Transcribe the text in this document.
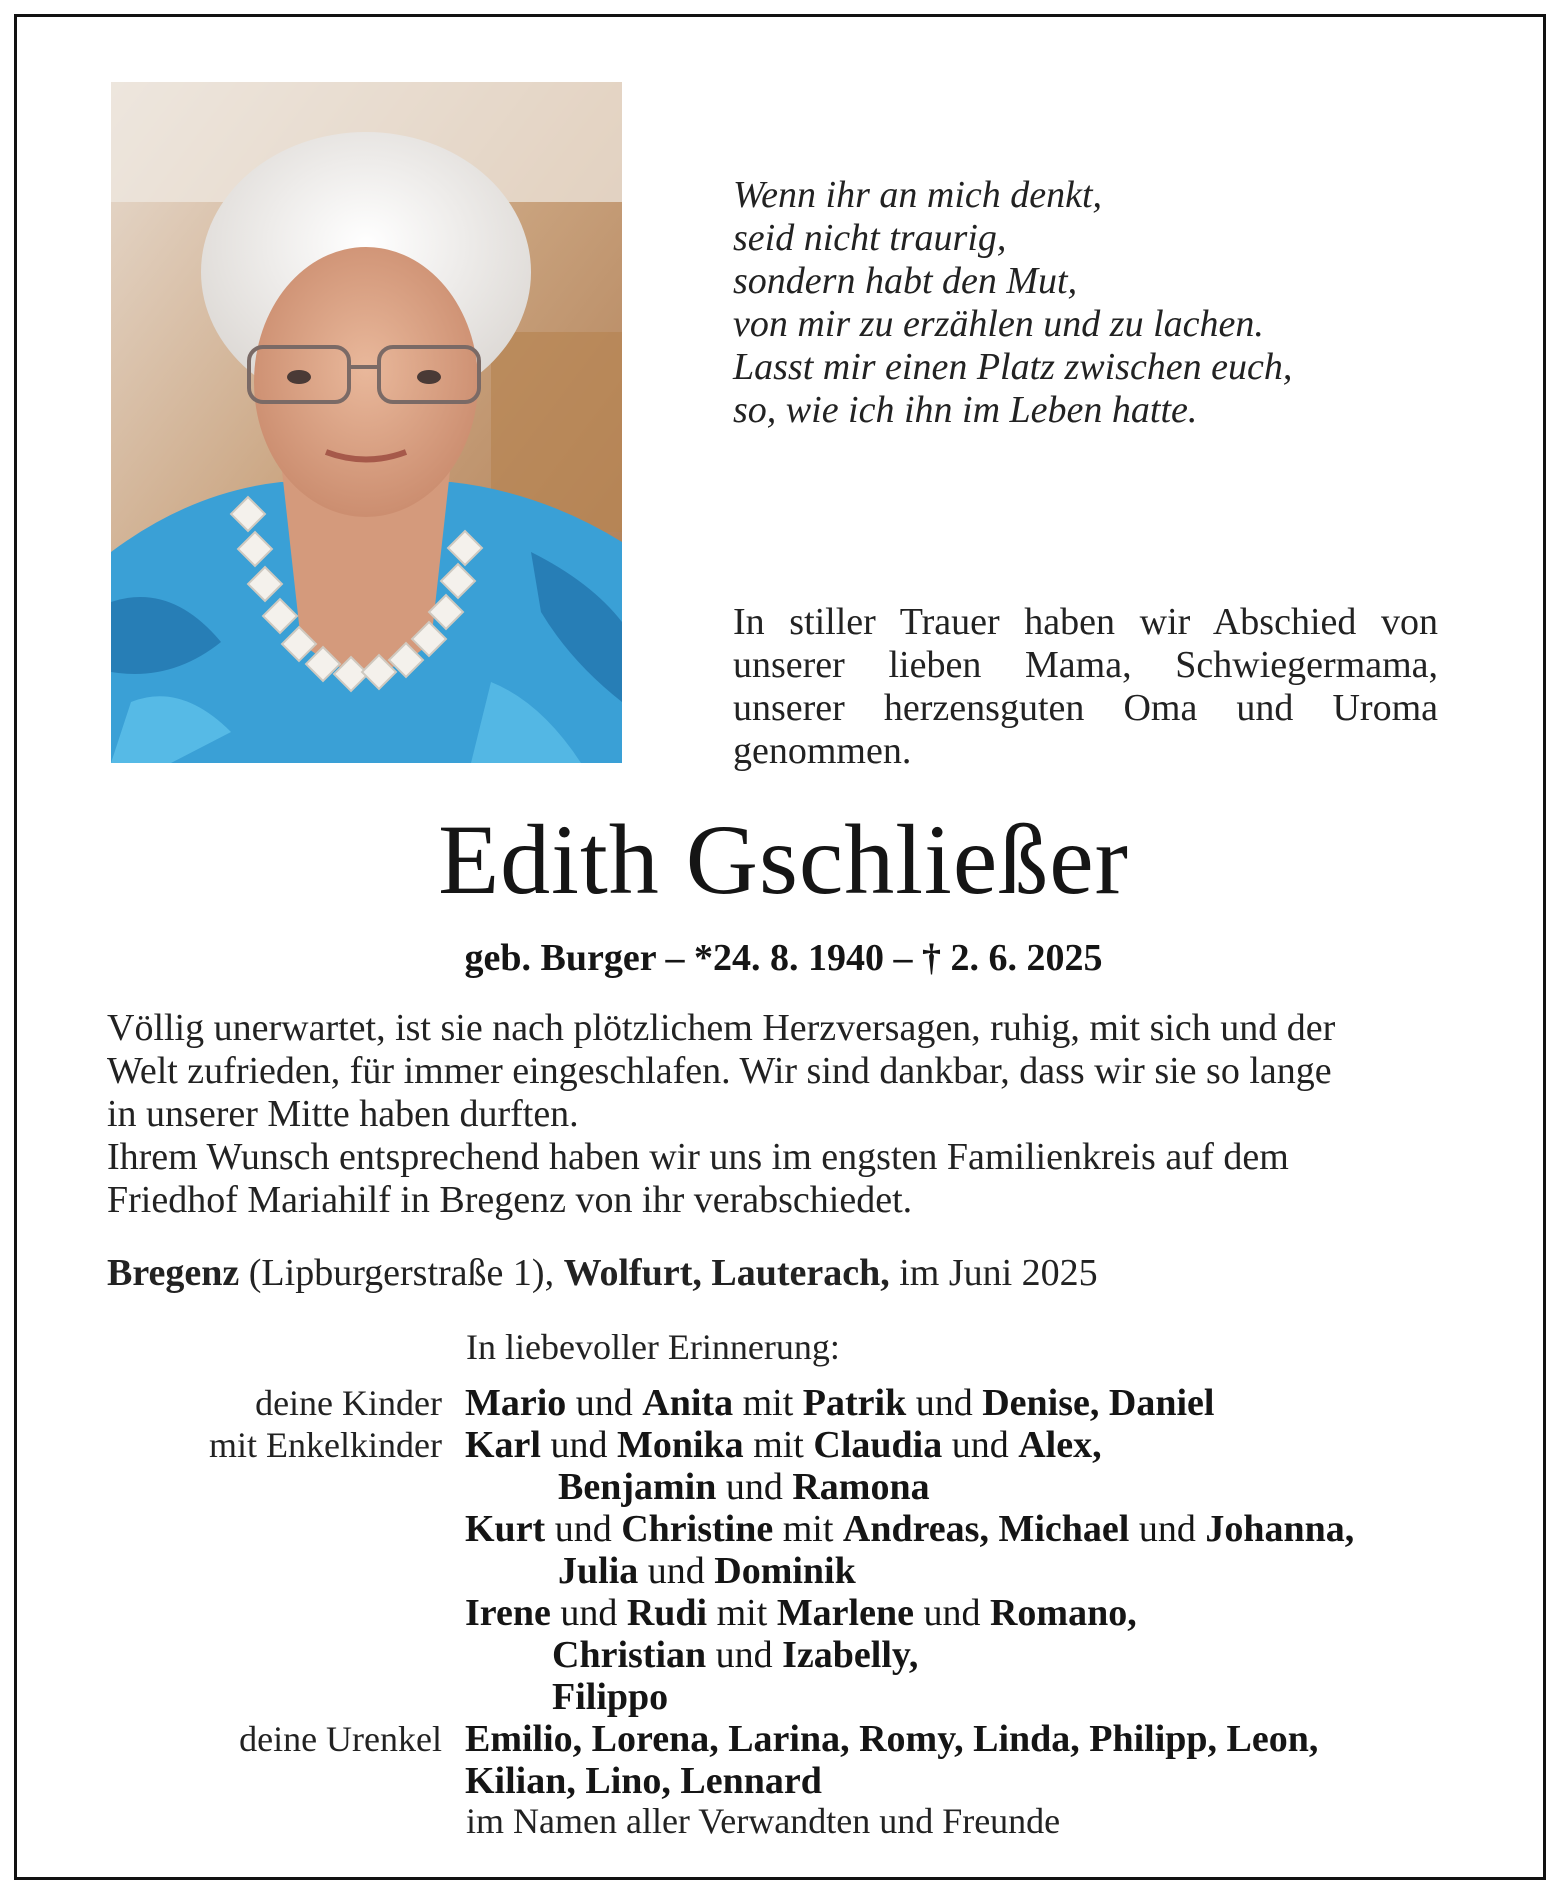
Wenn ihr an mich denkt,
seid nicht traurig,
sondern habt den Mut,
von mir zu erzählen und zu lachen.
Lasst mir einen Platz zwischen euch,
so, wie ich ihn im Leben hatte.
In stiller Trauer haben wir Abschied von unserer lieben Mama, Schwiegermama, unserer herzensguten Oma und Uroma genommen.
Edith Gschließer
geb. Burger – *24. 8. 1940 – † 2. 6. 2025
Völlig unerwartet, ist sie nach plötzlichem Herzversagen, ruhig, mit sich und der
Welt zufrieden, für immer eingeschlafen. Wir sind dankbar, dass wir sie so lange
in unserer Mitte haben durften.
Ihrem Wunsch entsprechend haben wir uns im engsten Familienkreis auf dem
Friedhof Mariahilf in Bregenz von ihr verabschiedet.
Bregenz (Lipburgerstraße 1), Wolfurt, Lauterach, im Juni 2025
In liebevoller Erinnerung:
deine Kinder
mit Enkelkinder
deine Urenkel
Mario und Anita mit Patrik und Denise, Daniel
Karl und Monika mit Claudia und Alex,
Benjamin und Ramona
Kurt und Christine mit Andreas, Michael und Johanna,
Julia und Dominik
Irene und Rudi mit Marlene und Romano,
Christian und Izabelly,
Filippo
Emilio, Lorena, Larina, Romy, Linda, Philipp, Leon,
Kilian, Lino, Lennard
im Namen aller Verwandten und Freunde
